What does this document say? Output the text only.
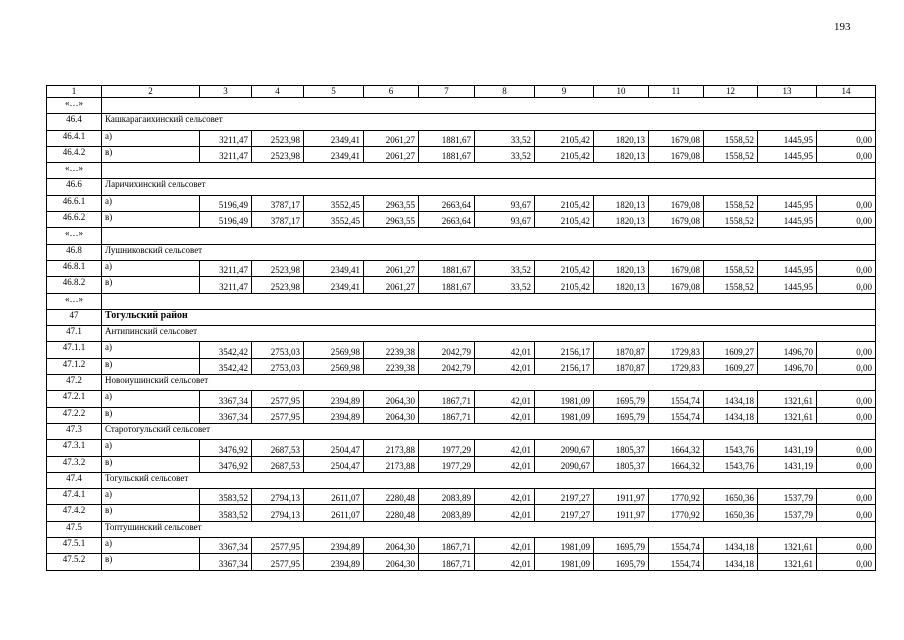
193
1	2	3	4	5	6	7	8	9	10	11	12	13	14
«…»													
46.4	Кашкарагаихинский сельсовет												
46.4.1	а)	3211,47	2523,98	2349,41	2061,27	1881,67	33,52	2105,42	1820,13	1679,08	1558,52	1445,95	0,00
46.4.2	в)	3211,47	2523,98	2349,41	2061,27	1881,67	33,52	2105,42	1820,13	1679,08	1558,52	1445,95	0,00
«…»													
46.6	Ларичихинский сельсовет												
46.6.1	а)	5196,49	3787,17	3552,45	2963,55	2663,64	93,67	2105,42	1820,13	1679,08	1558,52	1445,95	0,00
46.6.2	в)	5196,49	3787,17	3552,45	2963,55	2663,64	93,67	2105,42	1820,13	1679,08	1558,52	1445,95	0,00
«…»													
46.8	Лушниковский сельсовет												
46.8.1	а)	3211,47	2523,98	2349,41	2061,27	1881,67	33,52	2105,42	1820,13	1679,08	1558,52	1445,95	0,00
46.8.2	в)	3211,47	2523,98	2349,41	2061,27	1881,67	33,52	2105,42	1820,13	1679,08	1558,52	1445,95	0,00
«…»													
47	Тогульский район												
47.1	Антипинский сельсовет												
47.1.1	а)	3542,42	2753,03	2569,98	2239,38	2042,79	42,01	2156,17	1870,87	1729,83	1609,27	1496,70	0,00
47.1.2	в)	3542,42	2753,03	2569,98	2239,38	2042,79	42,01	2156,17	1870,87	1729,83	1609,27	1496,70	0,00
47.2	Новоиушинский сельсовет												
47.2.1	а)	3367,34	2577,95	2394,89	2064,30	1867,71	42,01	1981,09	1695,79	1554,74	1434,18	1321,61	0,00
47.2.2	в)	3367,34	2577,95	2394,89	2064,30	1867,71	42,01	1981,09	1695,79	1554,74	1434,18	1321,61	0,00
47.3	Старотогульский сельсовет												
47.3.1	а)	3476,92	2687,53	2504,47	2173,88	1977,29	42,01	2090,67	1805,37	1664,32	1543,76	1431,19	0,00
47.3.2	в)	3476,92	2687,53	2504,47	2173,88	1977,29	42,01	2090,67	1805,37	1664,32	1543,76	1431,19	0,00
47.4	Тогульский сельсовет												
47.4.1	а)	3583,52	2794,13	2611,07	2280,48	2083,89	42,01	2197,27	1911,97	1770,92	1650,36	1537,79	0,00
47.4.2	в)	3583,52	2794,13	2611,07	2280,48	2083,89	42,01	2197,27	1911,97	1770,92	1650,36	1537,79	0,00
47.5	Топтушинский сельсовет												
47.5.1	а)	3367,34	2577,95	2394,89	2064,30	1867,71	42,01	1981,09	1695,79	1554,74	1434,18	1321,61	0,00
47.5.2	в)	3367,34	2577,95	2394,89	2064,30	1867,71	42,01	1981,09	1695,79	1554,74	1434,18	1321,61	0,00
